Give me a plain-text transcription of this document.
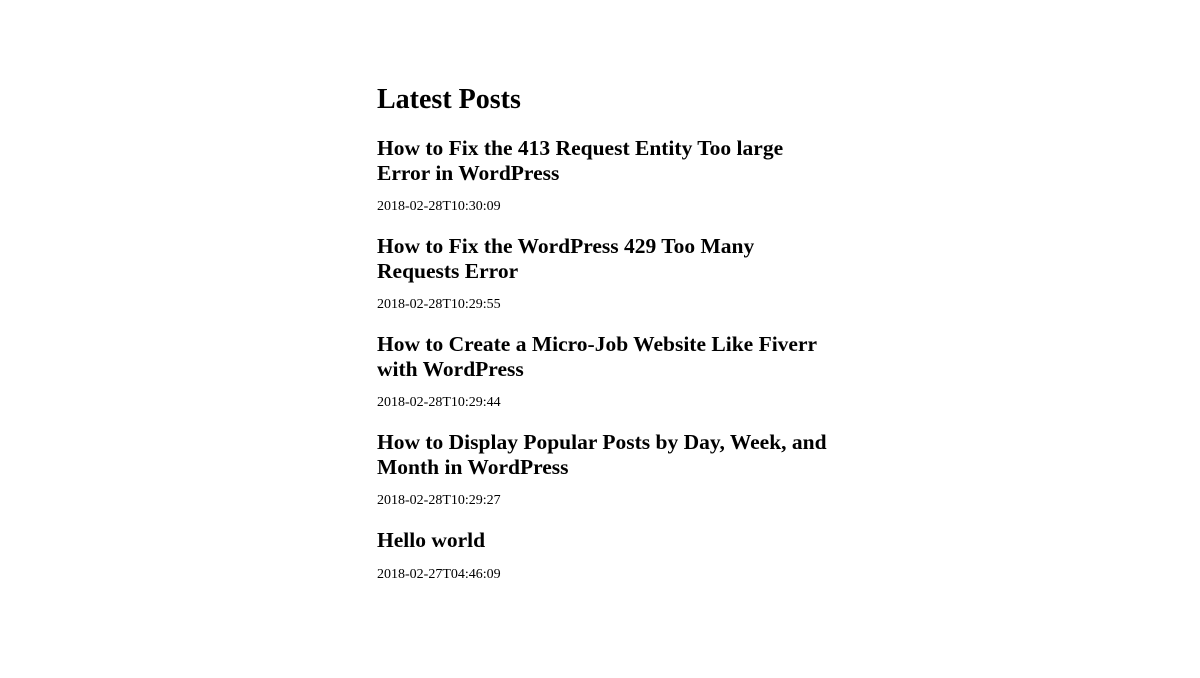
Latest Posts
How to Fix the 413 Request Entity Too large Error in WordPress
2018-02-28T10:30:09
How to Fix the WordPress 429 Too Many Requests Error
2018-02-28T10:29:55
How to Create a Micro-Job Website Like Fiverr with WordPress
2018-02-28T10:29:44
How to Display Popular Posts by Day, Week, and Month in WordPress
2018-02-28T10:29:27
Hello world
2018-02-27T04:46:09
